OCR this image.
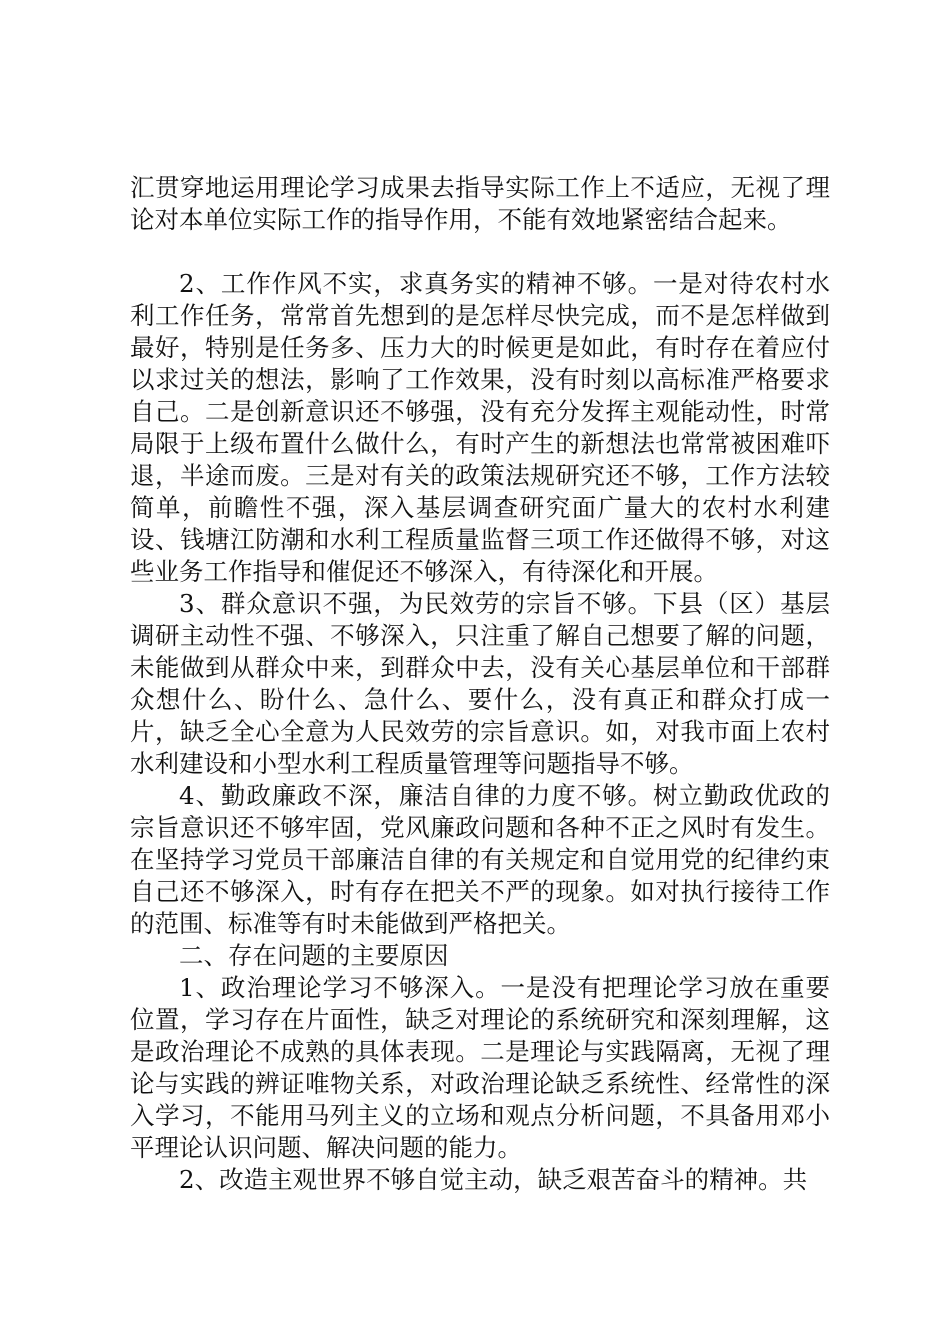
汇贯穿地运用理论学习成果去指导实际工作上不适应，无视了理论对本单位实际工作的指导作用，不能有效地紧密结合起来。

2、工作作风不实，求真务实的精神不够。一是对待农村水利工作任务，常常首先想到的是怎样尽快完成，而不是怎样做到最好，特别是任务多、压力大的时候更是如此，有时存在着应付以求过关的想法，影响了工作效果，没有时刻以高标准严格要求自己。二是创新意识还不够强，没有充分发挥主观能动性，时常局限于上级布置什么做什么，有时产生的新想法也常常被困难吓退，半途而废。三是对有关的政策法规研究还不够，工作方法较简单，前瞻性不强，深入基层调查研究面广量大的农村水利建设、钱塘江防潮和水利工程质量监督三项工作还做得不够，对这些业务工作指导和催促还不够深入，有待深化和开展。

3、群众意识不强，为民效劳的宗旨不够。下县（区）基层调研主动性不强、不够深入，只注重了解自己想要了解的问题，未能做到从群众中来，到群众中去，没有关心基层单位和干部群众想什么、盼什么、急什么、要什么，没有真正和群众打成一片，缺乏全心全意为人民效劳的宗旨意识。如，对我市面上农村水利建设和小型水利工程质量管理等问题指导不够。

4、勤政廉政不深，廉洁自律的力度不够。树立勤政优政的宗旨意识还不够牢固，党风廉政问题和各种不正之风时有发生。在坚持学习党员干部廉洁自律的有关规定和自觉用党的纪律约束自己还不够深入，时有存在把关不严的现象。如对执行接待工作的范围、标准等有时未能做到严格把关。

二、存在问题的主要原因

1、政治理论学习不够深入。一是没有把理论学习放在重要位置，学习存在片面性，缺乏对理论的系统研究和深刻理解，这是政治理论不成熟的具体表现。二是理论与实践隔离，无视了理论与实践的辨证唯物关系，对政治理论缺乏系统性、经常性的深入学习，不能用马列主义的立场和观点分析问题，不具备用邓小平理论认识问题、解决问题的能力。

2、改造主观世界不够自觉主动，缺乏艰苦奋斗的精神。共
